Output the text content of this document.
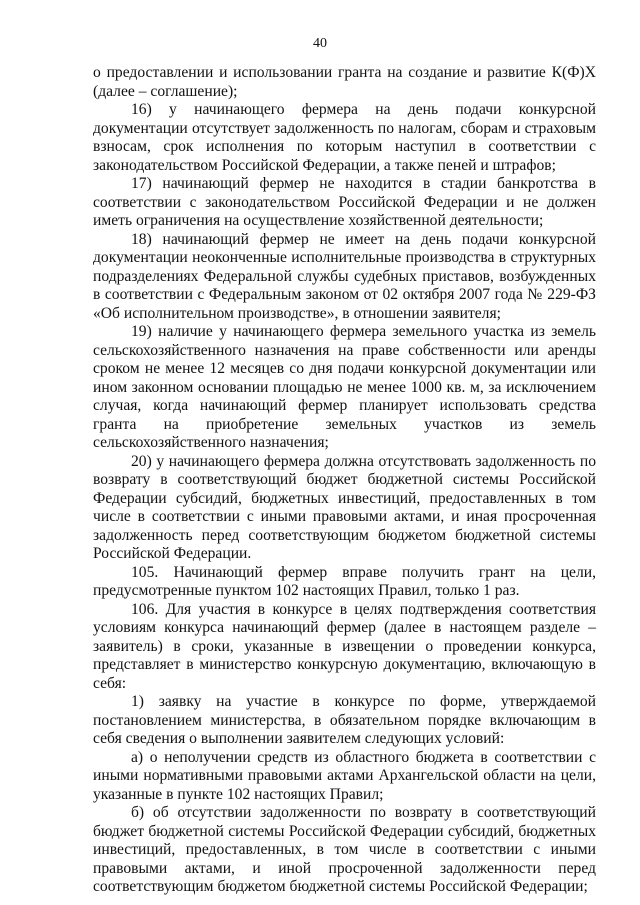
40

о предоставлении и использовании гранта на создание и развитие К(Ф)Х (далее – соглашение);

16) у начинающего фермера на день подачи конкурсной документации отсутствует задолженность по налогам, сборам и страховым взносам, срок исполнения по которым наступил в соответствии с законодательством Российской Федерации, а также пеней и штрафов;

17) начинающий фермер не находится в стадии банкротства в соответствии с законодательством Российской Федерации и не должен иметь ограничения на осуществление хозяйственной деятельности;

18) начинающий фермер не имеет на день подачи конкурсной документации неоконченные исполнительные производства в структурных подразделениях Федеральной службы судебных приставов, возбужденных в соответствии с Федеральным законом от 02 октября 2007 года № 229-ФЗ «Об исполнительном производстве», в отношении заявителя;

19) наличие у начинающего фермера земельного участка из земель сельскохозяйственного назначения на праве собственности или аренды сроком не менее 12 месяцев со дня подачи конкурсной документации или ином законном основании площадью не менее 1000 кв. м, за исключением случая, когда начинающий фермер планирует использовать средства гранта на приобретение земельных участков из земель сельскохозяйственного назначения;

20) у начинающего фермера должна отсутствовать задолженность по возврату в соответствующий бюджет бюджетной системы Российской Федерации субсидий, бюджетных инвестиций, предоставленных в том числе в соответствии с иными правовыми актами, и иная просроченная задолженность перед соответствующим бюджетом бюджетной системы Российской Федерации.

105. Начинающий фермер вправе получить грант на цели, предусмотренные пунктом 102 настоящих Правил, только 1 раз.

106. Для участия в конкурсе в целях подтверждения соответствия условиям конкурса начинающий фермер (далее в настоящем разделе – заявитель) в сроки, указанные в извещении о проведении конкурса, представляет в министерство конкурсную документацию, включающую в себя:

1) заявку на участие в конкурсе по форме, утверждаемой постановлением министерства, в обязательном порядке включающим в себя сведения о выполнении заявителем следующих условий:

а) о неполучении средств из областного бюджета в соответствии с иными нормативными правовыми актами Архангельской области на цели, указанные в пункте 102 настоящих Правил;

б) об отсутствии задолженности по возврату в соответствующий бюджет бюджетной системы Российской Федерации субсидий, бюджетных инвестиций, предоставленных, в том числе в соответствии с иными правовыми актами, и иной просроченной задолженности перед соответствующим бюджетом бюджетной системы Российской Федерации;
